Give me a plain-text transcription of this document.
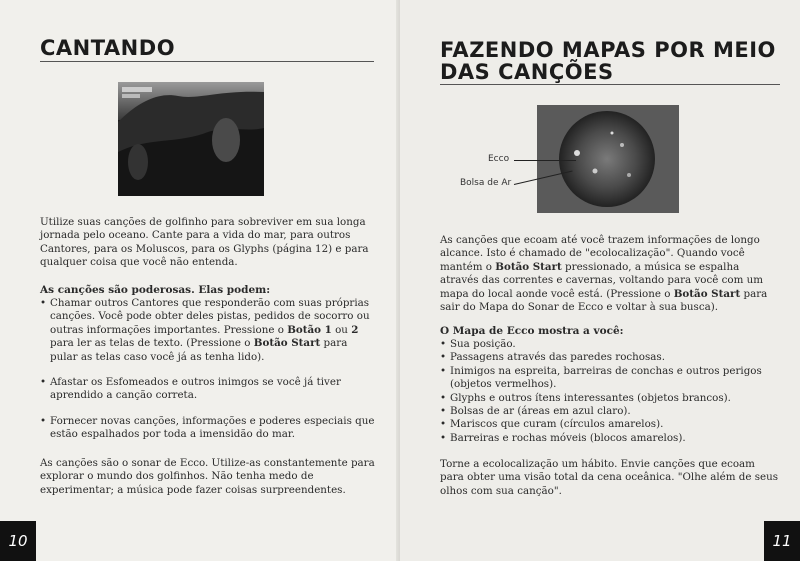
CANTANDO

Utilize suas canções de golfinho para sobreviver em sua longa jornada pelo oceano. Cante para a vida do mar, para outros Cantores, para os Moluscos, para os Glyphs (página 12) e para qualquer coisa que você não entenda.

As canções são poderosas. Elas podem:

• Chamar outros Cantores que responderão com suas próprias canções. Você pode obter deles pistas, pedidos de socorro ou outras informações importantes. Pressione o Botão 1 ou 2 para ler as telas de texto. (Pressione o Botão Start para pular as telas caso você já as tenha lido).
• Afastar os Esfomeados e outros inimgos se você já tiver aprendido a canção correta.
• Fornecer novas canções, informações e poderes especiais que estão espalhados por toda a imensidão do mar.

As canções são o sonar de Ecco. Utilize-as constantemente para explorar o mundo dos golfinhos. Não tenha medo de experimentar; a música pode fazer coisas surpreendentes.

10
FAZENDO MAPAS POR MEIO
DAS CANÇÕES
Ecco
Bolsa de Ar

As canções que ecoam até você trazem informações de longo alcance. Isto é chamado de "ecolocalização". Quando você mantém o Botão Start pressionado, a música se espalha através das correntes e cavernas, voltando para você com um mapa do local aonde você está. (Pressione o Botão Start para sair do Mapa do Sonar de Ecco e voltar à sua busca).

O Mapa de Ecco mostra a você:

• Sua posição.
• Passagens através das paredes rochosas.
• Inimigos na espreita, barreiras de conchas e outros perigos (objetos vermelhos).
• Glyphs e outros ítens interessantes (objetos brancos).
• Bolsas de ar (áreas em azul claro).
• Mariscos que curam (círculos amarelos).
• Barreiras e rochas móveis (blocos amarelos).

Torne a ecolocalização um hábito. Envie canções que ecoam para obter uma visão total da cena oceânica. "Olhe além de seus olhos com sua canção".

11
